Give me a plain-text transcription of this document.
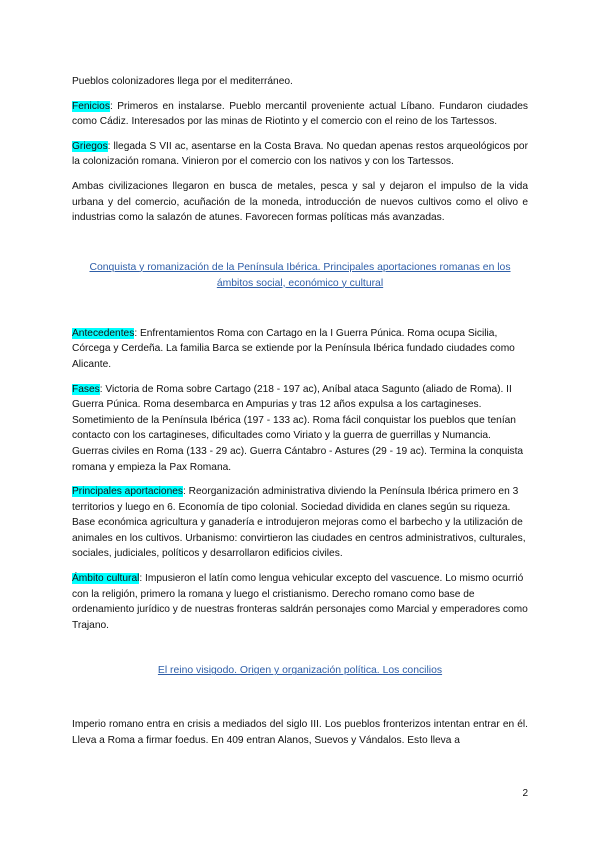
Pueblos colonizadores llega por el mediterráneo.

Fenicios: Primeros en instalarse. Pueblo mercantil proveniente actual Líbano. Fundaron ciudades como Cádiz. Interesados por las minas de Riotinto y el comercio con el reino de los Tartessos.

Griegos: llegada S VII ac, asentarse en la Costa Brava. No quedan apenas restos arqueológicos por la colonización romana. Vinieron por el comercio con los nativos y con los Tartessos.

Ambas civilizaciones llegaron en busca de metales, pesca y sal y dejaron el impulso de la vida urbana y del comercio, acuñación de la moneda, introducción de nuevos cultivos como el olivo e industrias como la salazón de atunes. Favorecen formas políticas más avanzadas.

Conquista y romanización de la Península Ibérica. Principales aportaciones romanas en los ámbitos social, económico y cultural

Antecedentes: Enfrentamientos Roma con Cartago en la I Guerra Púnica. Roma ocupa Sicilia, Córcega y Cerdeña. La familia Barca se extiende por la Península Ibérica fundado ciudades como Alicante.

Fases: Victoria de Roma sobre Cartago (218 - 197 ac), Aníbal ataca Sagunto (aliado de Roma). II Guerra Púnica. Roma desembarca en Ampurias y tras 12 años expulsa a los cartagineses. Sometimiento de la Península Ibérica (197 - 133 ac). Roma fácil conquistar los pueblos que tenían contacto con los cartagineses, dificultades como Viriato y la guerra de guerrillas y Numancia. Guerras civiles en Roma (133 - 29 ac). Guerra Cántabro - Astures (29 - 19 ac). Termina la conquista romana y empieza la Pax Romana.

Principales aportaciones: Reorganización administrativa diviendo la Península Ibérica primero en 3 territorios y luego en 6. Economía de tipo colonial. Sociedad dividida en clanes según su riqueza. Base económica agricultura y ganadería e introdujeron mejoras como el barbecho y la utilización de animales en los cultivos. Urbanismo: convirtieron las ciudades en centros administrativos, culturales, sociales, judiciales, políticos y desarrollaron edificios civiles.

Ámbito cultural: Impusieron el latín como lengua vehicular excepto del vascuence. Lo mismo ocurrió con la religión, primero la romana y luego el cristianismo. Derecho romano como base de ordenamiento jurídico y de nuestras fronteras saldrán personajes como Marcial y emperadores como Trajano.

El reino visigodo. Origen y organización política. Los concilios

Imperio romano entra en crisis a mediados del siglo III. Los pueblos fronterizos intentan entrar en él. Lleva a Roma a firmar foedus. En 409 entran Alanos, Suevos y Vándalos. Esto lleva a

2
